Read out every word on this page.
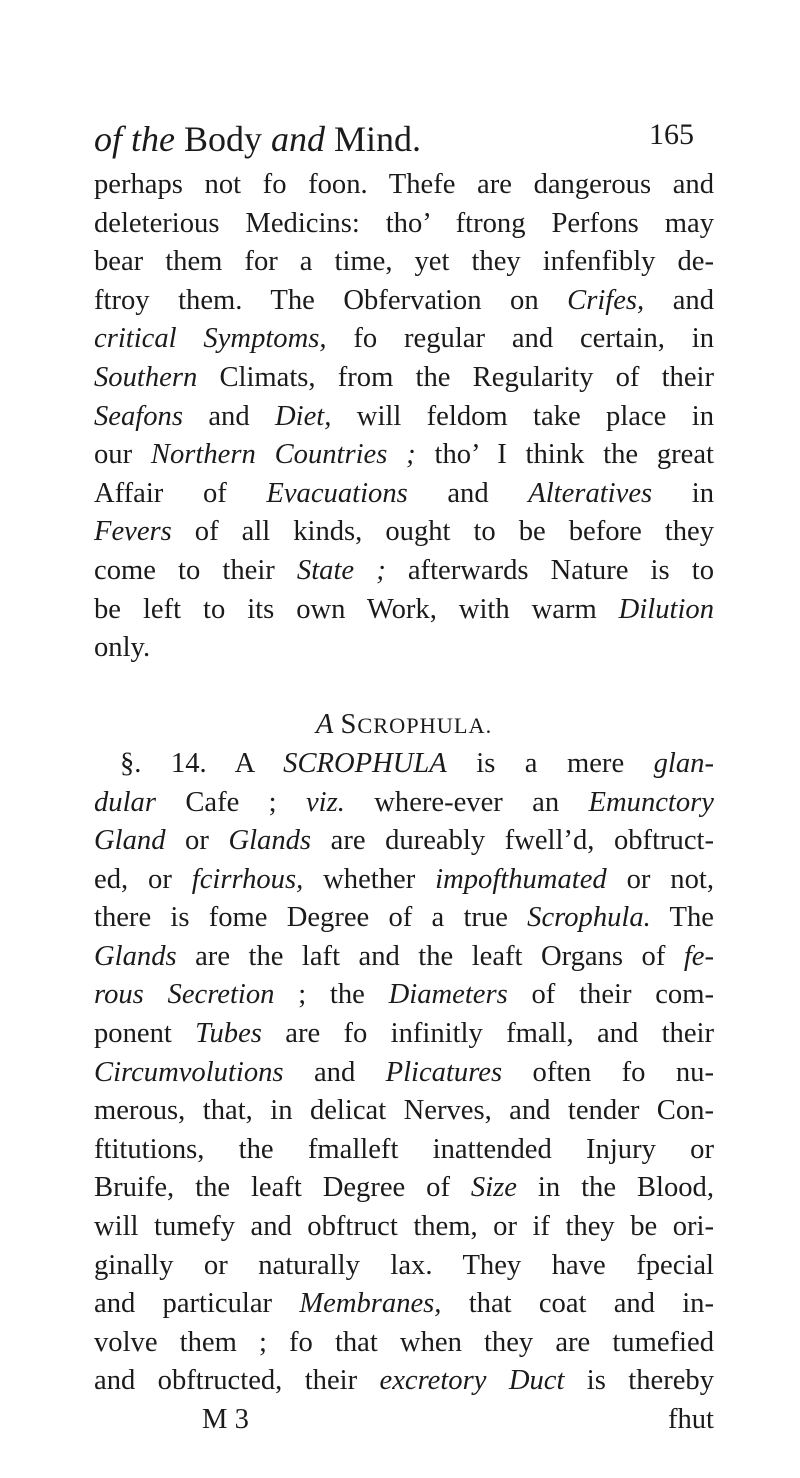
of the Body and Mind.	165
perhaps not fo foon. Thefe are dangerous and
deleterious Medicins: tho’ ftrong Perfons may
bear them for a time, yet they infenfibly de-
ftroy them. The Obfervation on Crifes, and
critical Symptoms, fo regular and certain, in
Southern Climats, from the Regularity of their
Seafons and Diet, will feldom take place in
our Northern Countries ; tho’ I think the great
Affair of Evacuations and Alteratives in
Fevers of all kinds, ought to be before they
come to their State ; afterwards Nature is to
be left to its own Work, with warm Dilution
only.

A SCROPHULA.
§. 14. A SCROPHULA is a mere glan-
dular Cafe ; viz. where-ever an Emunctory
Gland or Glands are dureably fwell’d, obftruct-
ed, or fcirrhous, whether impofthumated or not,
there is fome Degree of a true Scrophula. The
Glands are the laft and the leaft Organs of fe-
rous Secretion ; the Diameters of their com-
ponent Tubes are fo infinitly fmall, and their
Circumvolutions and Plicatures often fo nu-
merous, that, in delicat Nerves, and tender Con-
ftitutions, the fmalleft inattended Injury or
Bruife, the leaft Degree of Size in the Blood,
will tumefy and obftruct them, or if they be ori-
ginally or naturally lax. They have fpecial
and particular Membranes, that coat and in-
volve them ; fo that when they are tumefied
and obftructed, their excretory Duct is thereby
M 3	fhut
